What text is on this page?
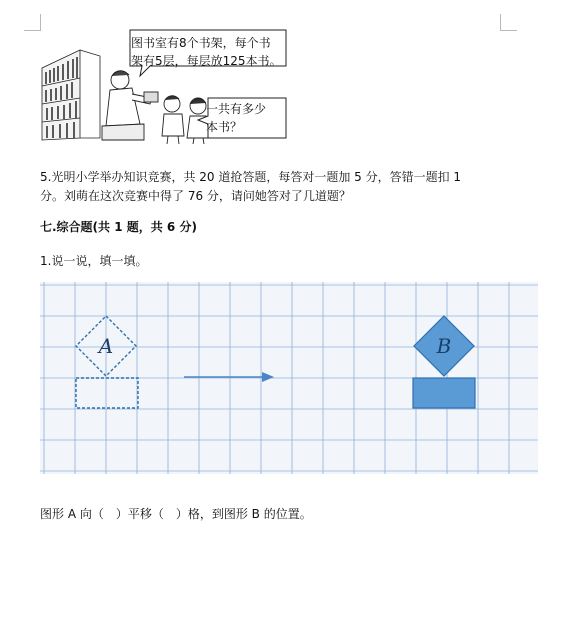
图书室有8个书架，每个书
架有5层，每层放125本书。
一共有多少
本书？
5.光明小学举办知识竞赛，共 20 道抢答题，每答对一题加 5 分，答错一题扣 1
分。刘萌在这次竞赛中得了 76 分，请问她答对了几道题？
七.综合题(共 1 题，共 6 分)
1.说一说，填一填。
A	B
图形 A 向（　）平移（　）格，到图形 B 的位置。
